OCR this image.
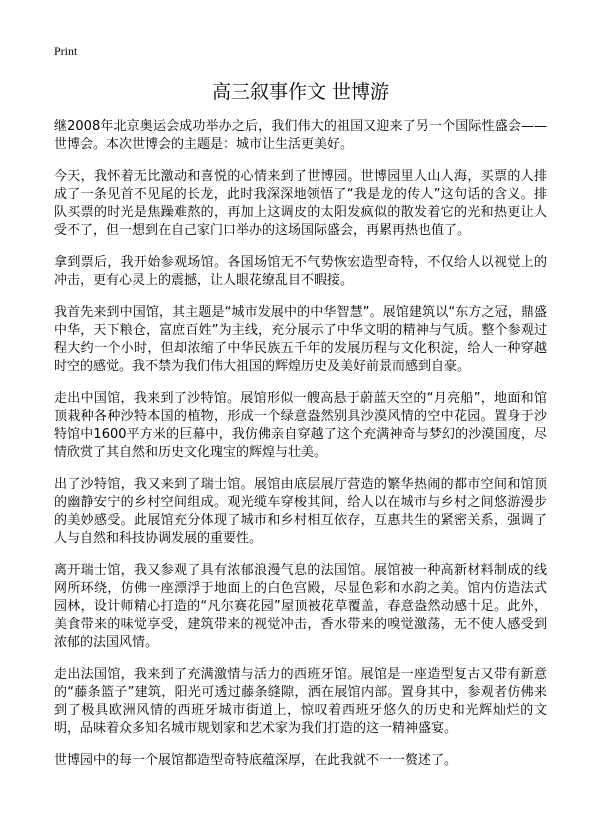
Print
高三叙事作文 世博游

继2008年北京奥运会成功举办之后，我们伟大的祖国又迎来了另一个国际性盛会——世博会。本次世博会的主题是：城市让生活更美好。

今天，我怀着无比激动和喜悦的心情来到了世博园。世博园里人山人海，买票的人排成了一条见首不见尾的长龙，此时我深深地领悟了“我是龙的传人”这句话的含义。排队买票的时光是焦躁难熬的，再加上这调皮的太阳发疯似的散发着它的光和热更让人受不了，但一想到在自己家门口举办的这场国际盛会，再累再热也值了。

拿到票后，我开始参观场馆。各国场馆无不气势恢宏造型奇特，不仅给人以视觉上的冲击，更有心灵上的震撼，让人眼花缭乱目不暇接。

我首先来到中国馆，其主题是“城市发展中的中华智慧”。展馆建筑以“东方之冠，鼎盛中华，天下粮仓，富庶百姓”为主线，充分展示了中华文明的精神与气质。整个参观过程大约一个小时，但却浓缩了中华民族五千年的发展历程与文化积淀，给人一种穿越时空的感觉。我不禁为我们伟大祖国的辉煌历史及美好前景而感到自豪。

走出中国馆，我来到了沙特馆。展馆形似一艘高悬于蔚蓝天空的“月亮船”，地面和馆顶栽种各种沙特本国的植物，形成一个绿意盎然别具沙漠风情的空中花园。置身于沙特馆中1600平方米的巨幕中，我仿佛亲自穿越了这个充满神奇与梦幻的沙漠国度，尽情欣赏了其自然和历史文化瑰宝的辉煌与壮美。

出了沙特馆，我又来到了瑞士馆。展馆由底层展厅营造的繁华热闹的都市空间和馆顶的幽静安宁的乡村空间组成。观光缆车穿梭其间，给人以在城市与乡村之间悠游漫步的美妙感受。此展馆充分体现了城市和乡村相互依存，互惠共生的紧密关系，强调了人与自然和科技协调发展的重要性。

离开瑞士馆，我又参观了具有浓郁浪漫气息的法国馆。展馆被一种高新材料制成的线网所环绕，仿佛一座漂浮于地面上的白色宫殿，尽显色彩和水韵之美。馆内仿造法式园林，设计师精心打造的“凡尔赛花园”屋顶被花草覆盖，春意盎然动感十足。此外，美食带来的味觉享受，建筑带来的视觉冲击，香水带来的嗅觉激荡，无不使人感受到浓郁的法国风情。

走出法国馆，我来到了充满激情与活力的西班牙馆。展馆是一座造型复古又带有新意的“藤条篮子”建筑，阳光可透过藤条缝隙，洒在展馆内部。置身其中，参观者仿佛来到了极具欧洲风情的西班牙城市街道上，惊叹着西班牙悠久的历史和光辉灿烂的文明，品味着众多知名城市规划家和艺术家为我们打造的这一精神盛宴。

世博园中的每一个展馆都造型奇特底蕴深厚，在此我就不一一赘述了。
